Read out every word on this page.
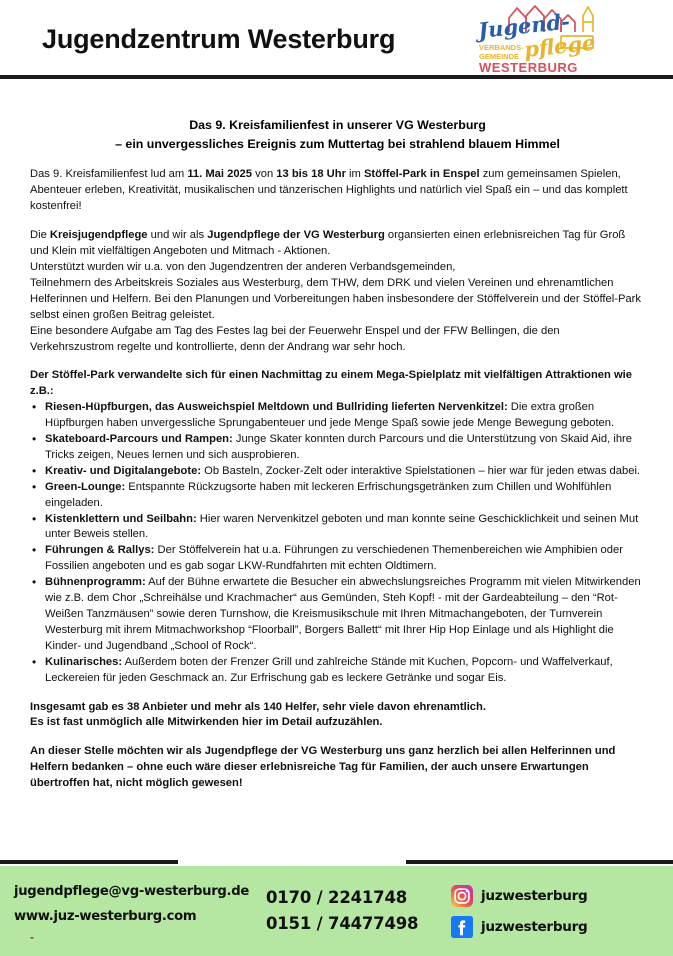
Jugendzentrum Westerburg	Jugend-
pflege
VERBANDS-
GEMEINDE
WESTERBURG
Das 9. Kreisfamilienfest in unserer VG Westerburg
– ein unvergessliches Ereignis zum Muttertag bei strahlend blauem Himmel

Das 9. Kreisfamilienfest lud am 11. Mai 2025 von 13 bis 18 Uhr im Stöffel-Park in Enspel zum gemeinsamen Spielen, Abenteuer erleben, Kreativität, musikalischen und tänzerischen Highlights und natürlich viel Spaß ein – und das komplett kostenfrei!

Die Kreisjugendpflege und wir als Jugendpflege der VG Westerburg organsierten einen erlebnisreichen Tag für Groß und Klein mit vielfältigen Angeboten und Mitmach - Aktionen.

Unterstützt wurden wir u.a. von den Jugendzentren der anderen Verbandsgemeinden,

Teilnehmern des Arbeitskreis Soziales aus Westerburg, dem THW, dem DRK und vielen Vereinen und ehrenamtlichen Helferinnen und Helfern. Bei den Planungen und Vorbereitungen haben insbesondere der Stöffelverein und der Stöffel-Park selbst einen großen Beitrag geleistet.

Eine besondere Aufgabe am Tag des Festes lag bei der Feuerwehr Enspel und der FFW Bellingen, die den Verkehrszustrom regelte und kontrollierte, denn der Andrang war sehr hoch.

Der Stöffel-Park verwandelte sich für einen Nachmittag zu einem Mega-Spielplatz mit vielfältigen Attraktionen wie z.B.:

• Riesen-Hüpfburgen, das Ausweichspiel Meltdown und Bullriding lieferten Nervenkitzel: Die extra großen Hüpfburgen haben unvergessliche Sprungabenteuer und jede Menge Spaß sowie jede Menge Bewegung geboten.
• Skateboard-Parcours und Rampen: Junge Skater konnten durch Parcours und die Unterstützung von Skaid Aid, ihre Tricks zeigen, Neues lernen und sich ausprobieren.
• Kreativ- und Digitalangebote: Ob Basteln, Zocker-Zelt oder interaktive Spielstationen – hier war für jeden etwas dabei.
• Green-Lounge: Entspannte Rückzugsorte haben mit leckeren Erfrischungsgetränken zum Chillen und Wohlfühlen eingeladen.
• Kistenklettern und Seilbahn: Hier waren Nervenkitzel geboten und man konnte seine Geschicklichkeit und seinen Mut unter Beweis stellen.
• Führungen & Rallys: Der Stöffelverein hat u.a. Führungen zu verschiedenen Themenbereichen wie Amphibien oder Fossilien angeboten und es gab sogar LKW-Rundfahrten mit echten Oldtimern.
• Bühnenprogramm: Auf der Bühne erwartete die Besucher ein abwechslungsreiches Programm mit vielen Mitwirkenden wie z.B. dem Chor „Schreihälse und Krachmacher“ aus Gemünden, Steh Kopf! - mit der Gardeabteilung – den “Rot-Weißen Tanzmäusen” sowie deren Turnshow, die Kreismusikschule mit Ihren Mitmachangeboten, der Turnverein Westerburg mit ihrem Mitmachworkshop “Floorball”, Borgers Ballett“ mit Ihrer Hip Hop Einlage und als Highlight die Kinder- und Jugendband „School of Rock“.
• Kulinarisches: Außerdem boten der Frenzer Grill und zahlreiche Stände mit Kuchen, Popcorn- und Waffelverkauf, Leckereien für jeden Geschmack an. Zur Erfrischung gab es leckere Getränke und sogar Eis.

Insgesamt gab es 38 Anbieter und mehr als 140 Helfer, sehr viele davon ehrenamtlich.

Es ist fast unmöglich alle Mitwirkenden hier im Detail aufzuzählen.

An dieser Stelle möchten wir als Jugendpflege der VG Westerburg uns ganz herzlich bei allen Helferinnen und Helfern bedanken – ohne euch wäre dieser erlebnisreiche Tag für Familien, der auch unsere Erwartungen übertroffen hat, nicht möglich gewesen!

jugendpflege@vg-westerburg.de
www.juz-westerburg.com
-
0170 / 2241748
0151 / 74477498
juzwesterburg
juzwesterburg
